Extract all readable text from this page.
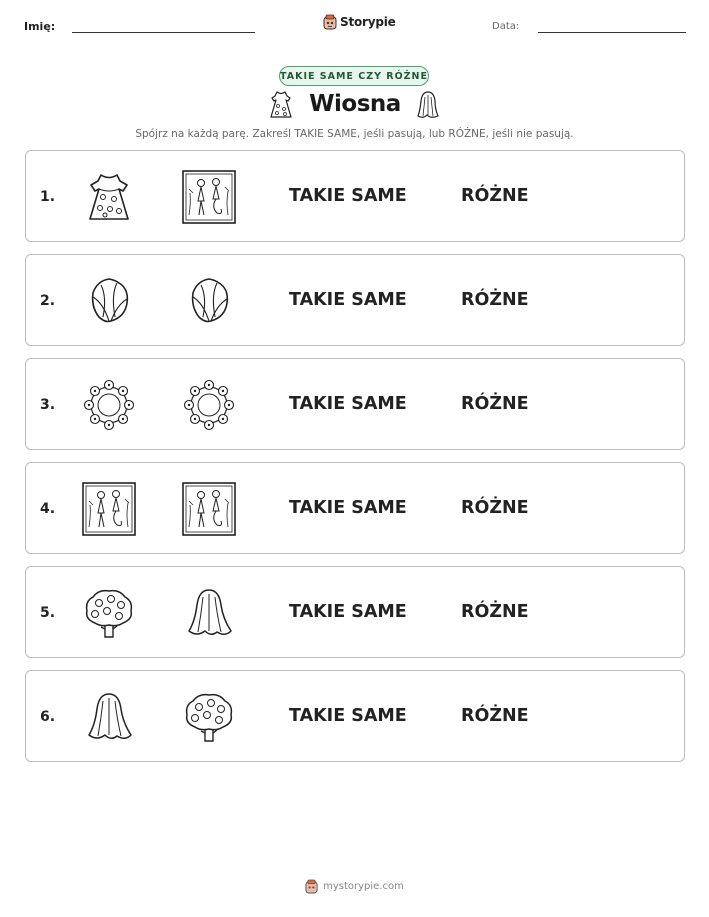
Imię:	Storypie	Data:
TAKIE SAME CZY RÓŻNE
Wiosna
Spójrz na każdą parę. Zakreśl TAKIE SAME, jeśli pasują, lub RÓŻNE, jeśli nie pasują.
1.	TAKIE SAME	RÓŻNE
2.	TAKIE SAME	RÓŻNE
3.	TAKIE SAME	RÓŻNE
4.	TAKIE SAME	RÓŻNE
5.	TAKIE SAME	RÓŻNE
6.	TAKIE SAME	RÓŻNE
mystorypie.com
